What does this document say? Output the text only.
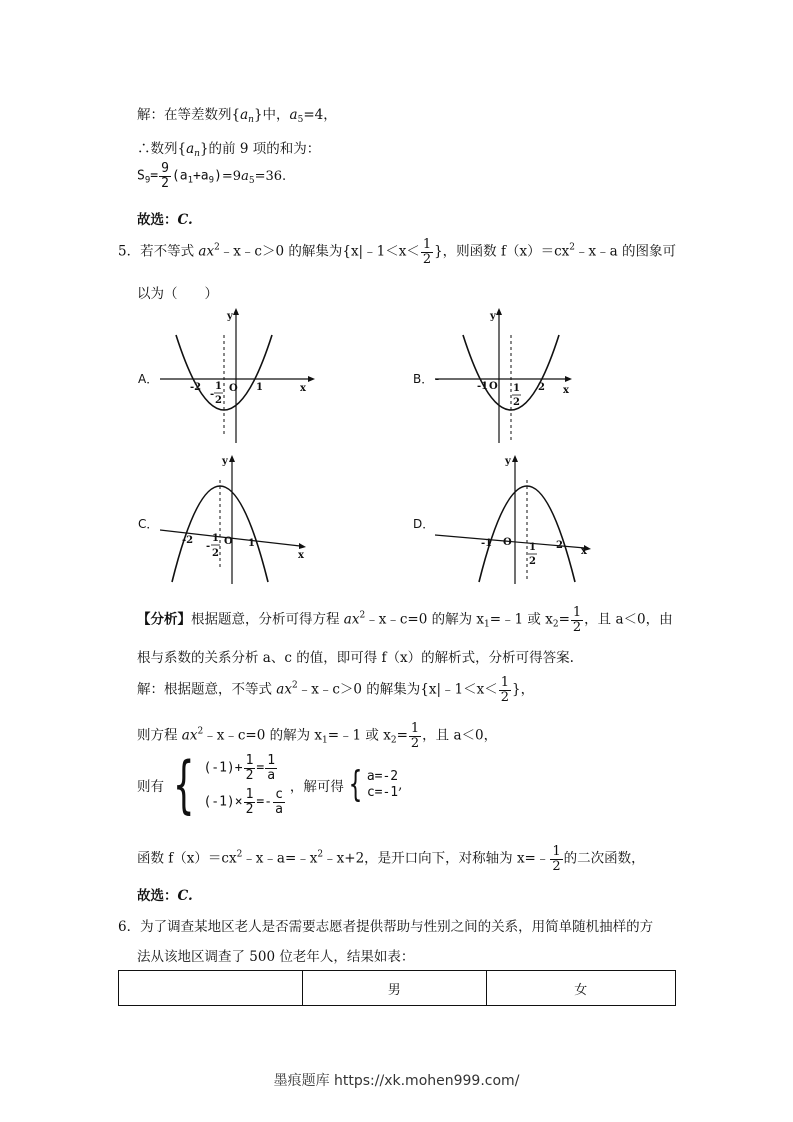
解：在等差数列$\{a_n\}$中，$a_5=4$，
∴数列$\{a_n\}$的前 9 项的和为：
$S_9= \frac{9}{2} (a_1+a_9)=9a_5=36$.
故选：C.
5．若不等式 $ax^2﹣x﹣c>0$ 的解集为{x|﹣1＜x＜ $\frac{1}{2}$ }，则函数 $f(x)=cx^2﹣x﹣a$ 的图象可
以为（　　）
A．	B．
C．	D．
y
x
-2 1
2
-
O 1
y
x
-1 O 1
2
2
-
y
x
-2 1
2
- O 1
y
x
-1 O 1
2
2
【分析】根据题意，分析可得方程 $ax^2﹣x﹣c=0$ 的解为 $x_1=﹣1$ 或 $x_2= \frac{1}{2}$ ，且 a＜0，由
根与系数的关系分析 a、c 的值，即可得 f（x）的解析式，分析可得答案.
解：根据题意，不等式 $ax^2﹣x﹣c>0$ 的解集为{x|﹣1＜x＜ $\frac{1}{2}$ }，
则方程 $ax^2﹣x﹣c=0$ 的解为 $x_1=﹣1$ 或 $x_2= \frac{1}{2}$ ，且 a＜0，
则有 { $(-1)+ \frac{1}{2} = \frac{1}{a}$
$(-1)\times \frac{1}{2} =- \frac{c}{a}$
，解可得 { a=-2
c=-1 ,
函数 $f(x)=cx^2﹣x﹣a=﹣x^2﹣x+2$，是开口向下，对称轴为 x=﹣ $\frac{1}{2}$ 的二次函数，
故选：C.
6．为了调查某地区老人是否需要志愿者提供帮助与性别之间的关系，用简单随机抽样的方
法从该地区调查了 500 位老年人，结果如表：
	男	女
墨痕题库 https://xk.mohen999.com/
